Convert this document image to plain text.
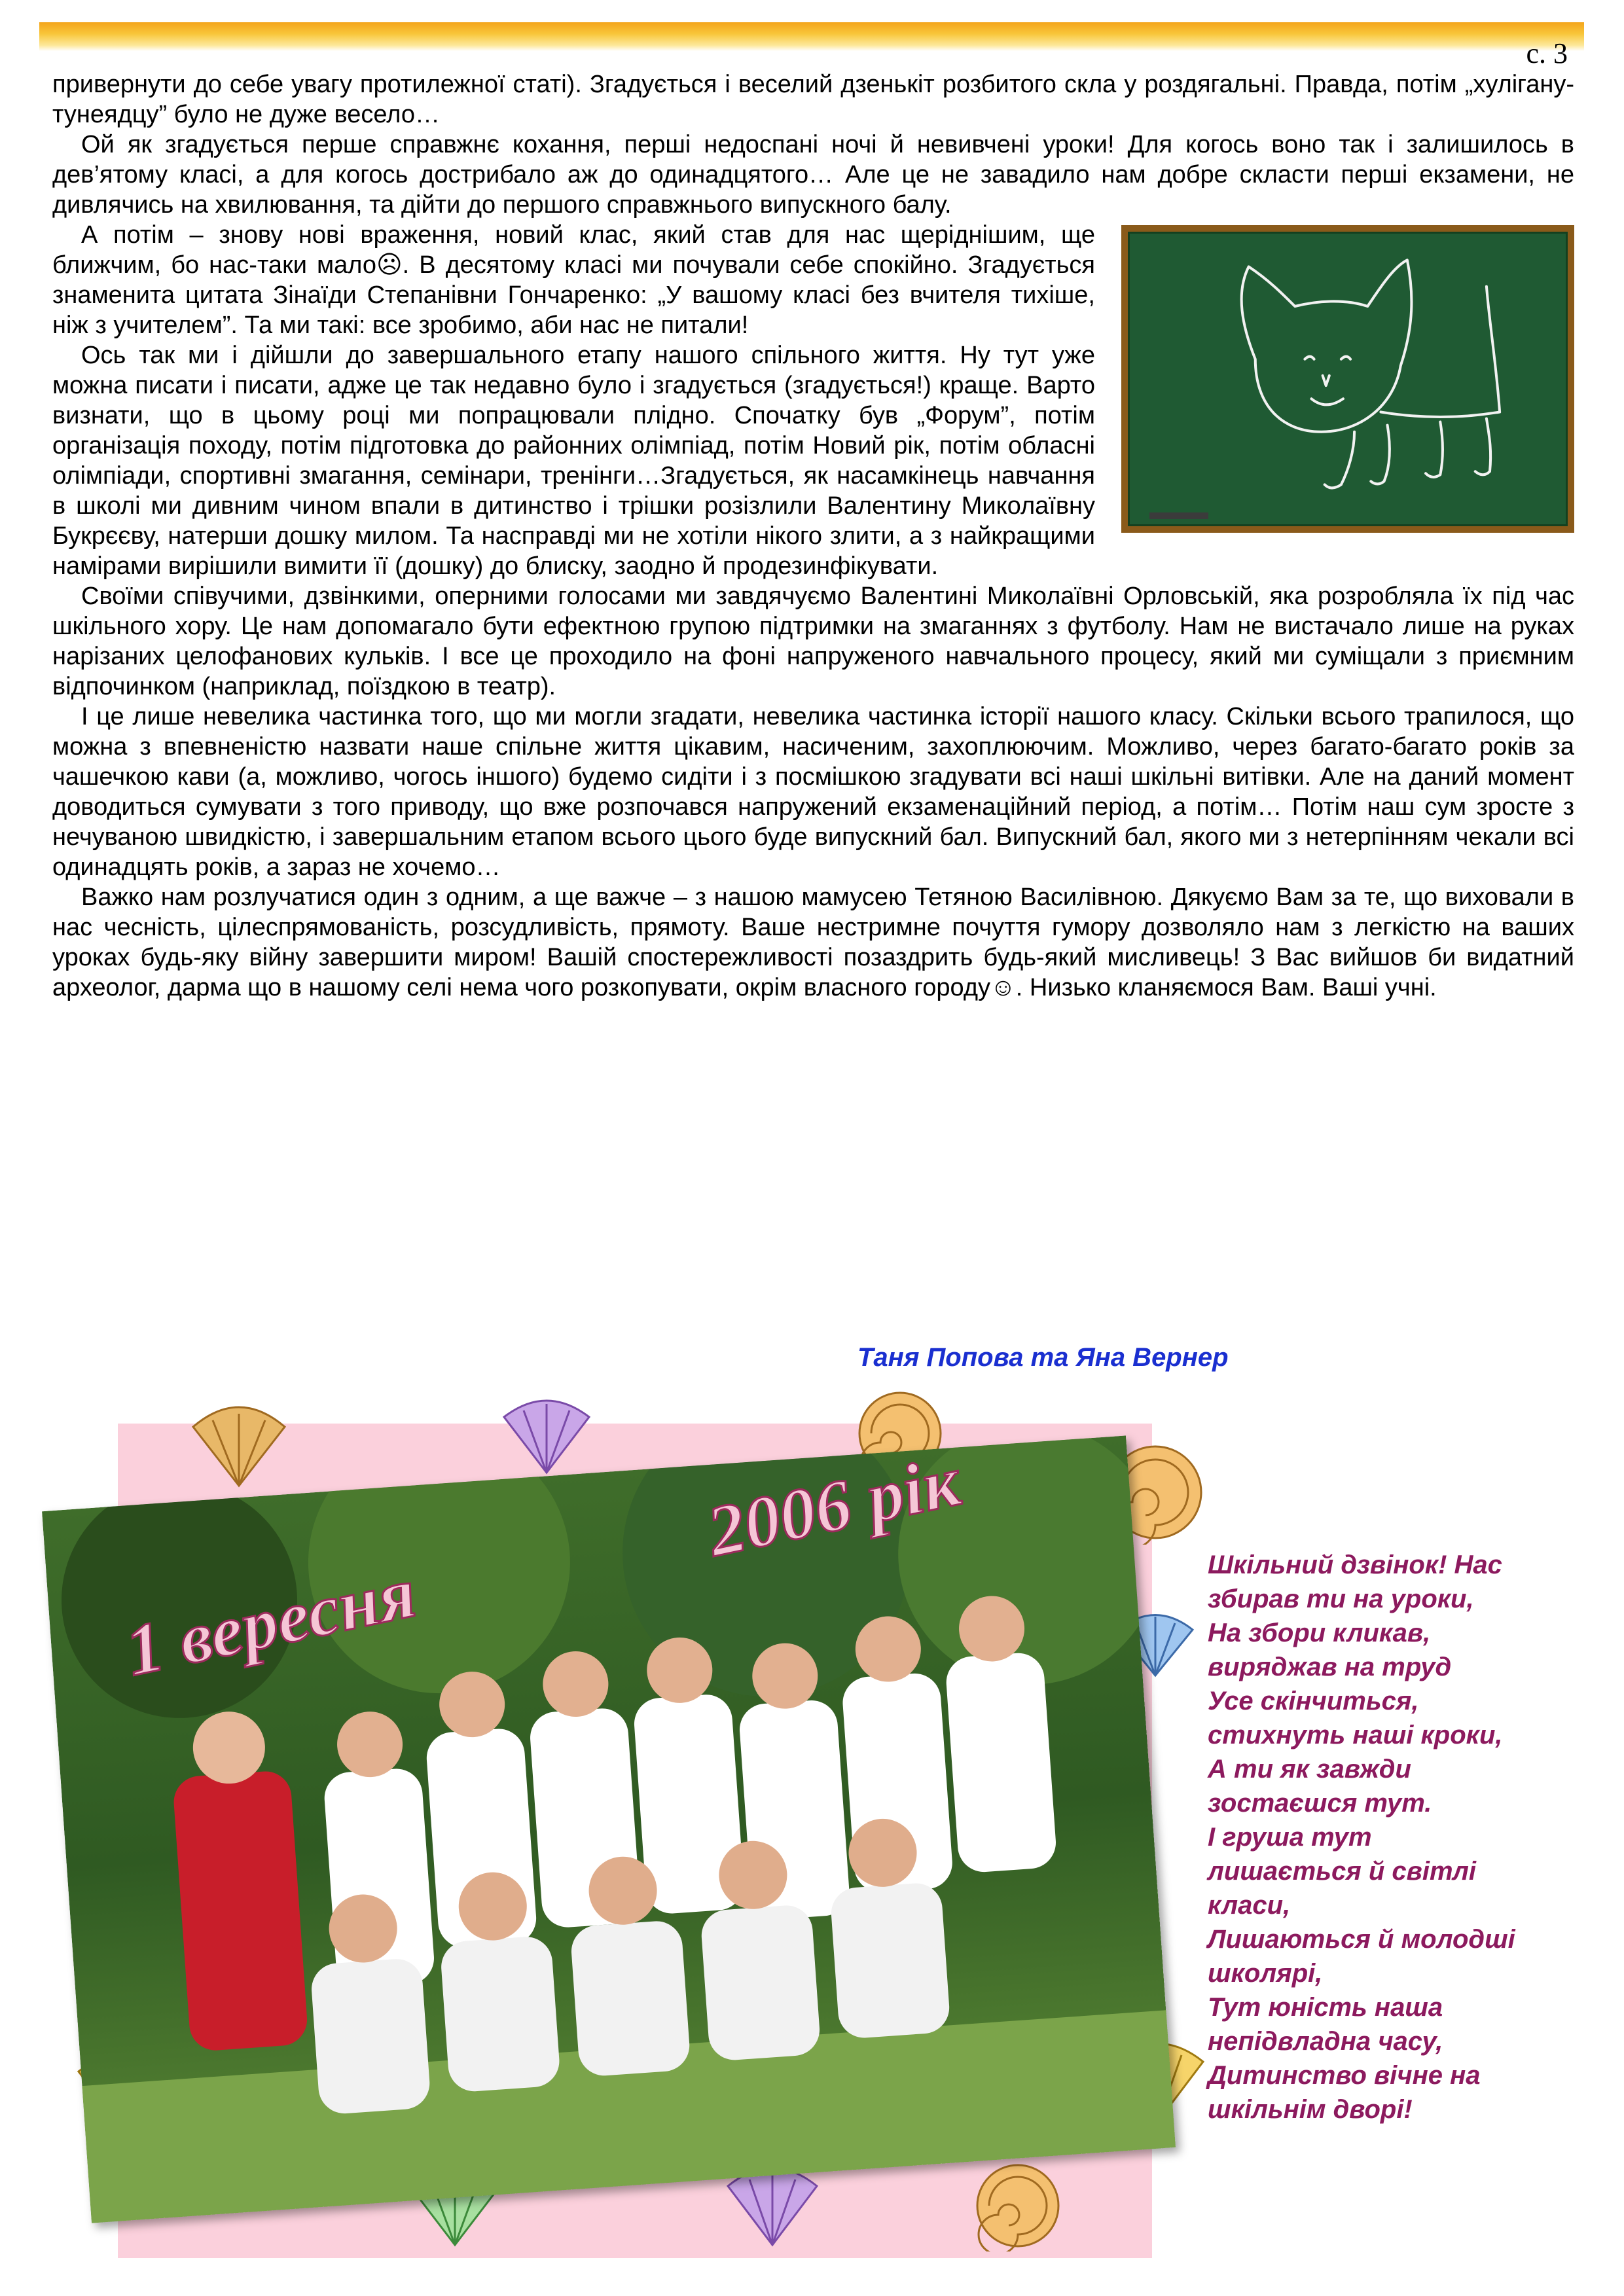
с. 3

привернути до себе увагу протилежної статі). Згадується і веселий дзенькіт розбитого скла у роздягальні. Правда, потім „хуліганy-тунеядцу” було не дуже весело…

Ой як згадується перше справжнє кохання, перші недоспані ночі й невивчені уроки! Для когось воно так і залишилось в дев’ятому класі, а для когось дострибало аж до одинадцятого… Але це не завадило нам добре скласти перші екзамени, не дивлячись на хвилювання, та дійти до першого справжнього випускного балу.

А потім – знову нові враження, новий клас, який став для нас щеріднішим, ще ближчим, бо нас-таки мало☹. В десятому класі ми почували себе спокійно. Згадується знаменита цитата Зінаїди Степанівни Гончаренко: „У вашому класі без вчителя тихіше, ніж з учителем”. Та ми такі: все зробимо, аби нас не питали!

Ось так ми і дійшли до завершального етапу нашого спільного життя. Ну тут уже можна писати і писати, адже це так недавно було і згадується (згадується!) краще. Варто визнати, що в цьому році ми попрацювали плідно. Спочатку був „Форум”, потім організація походу, потім підготовка до районних олімпіад, потім Новий рік, потім обласні олімпіади, спортивні змагання, семінари, тренінги…Згадується, як насамкінець навчання в школі ми дивним чином впали в дитинство і трішки розізлили Валентину Миколаївну Букрєєву, натерши дошку милом. Та насправді ми не хотіли нікого злити, а з найкращими намірами вирішили вимити її (дошку) до блиску, заодно й продезинфікувати.

Своїми співучими, дзвінкими, оперними голосами ми завдячуємо Валентині Миколаївні Орловській, яка розробляла їх під час шкільного хору. Це нам допомагало бути ефектною групою підтримки на змаганнях з футболу. Нам не вистачало лише на руках нарізаних целофанових кульків. І все це проходило на фоні напруженого навчального процесу, який ми суміщали з приємним відпочинком (наприклад, поїздкою в театр).

І це лише невелика частинка того, що ми могли згадати, невелика частинка історії нашого класу. Скільки всього трапилося, що можна з впевненістю назвати наше спільне життя цікавим, насиченим, захоплюючим. Можливо, через багато-багато років за чашечкою кави (а, можливо, чогось іншого) будемо сидіти і з посмішкою згадувати всі наші шкільні витівки. Але на даний момент доводиться сумувати з того приводу, що вже розпочався напружений екзаменаційний період, а потім… Потім наш сум зросте з нечуваною швидкістю, і завершальним етапом всього цього буде випускний бал. Випускний бал, якого ми з нетерпінням чекали всі одинадцять років, а зараз не хочемо…

Важко нам розлучатися один з одним, а ще важче – з нашою мамусею Тетяною Василівною. Дякуємо Вам за те, що виховали в нас чесність, цілеспрямованість, розсудливість, прямоту. Ваше нестримне почуття гумору дозволяло нам з легкістю на ваших уроках будь-яку війну завершити миром! Вашій спостережливості позаздрить будь-який мисливець! З Вас вийшов би видатний археолог, дарма що в нашому селі нема чого розкопувати, окрім власного городу☺. Низько кланяємося Вам. Ваші учні.

Таня Попова та Яна Вернер
1 вересня
2006 рік	Шкільний дзвінок! Нас
збирав ти на уроки,
На збори кликав,
виряджав на труд
Усе скінчиться,
стихнуть наші кроки,
А ти як завжди
зостаєшся тут.
І груша тут
лишається й світлі
класи,
Лишаються й молодші
школярі,
Тут юність наша
непідвладна часу,
Дитинство вічне на
шкільнім дворі!
